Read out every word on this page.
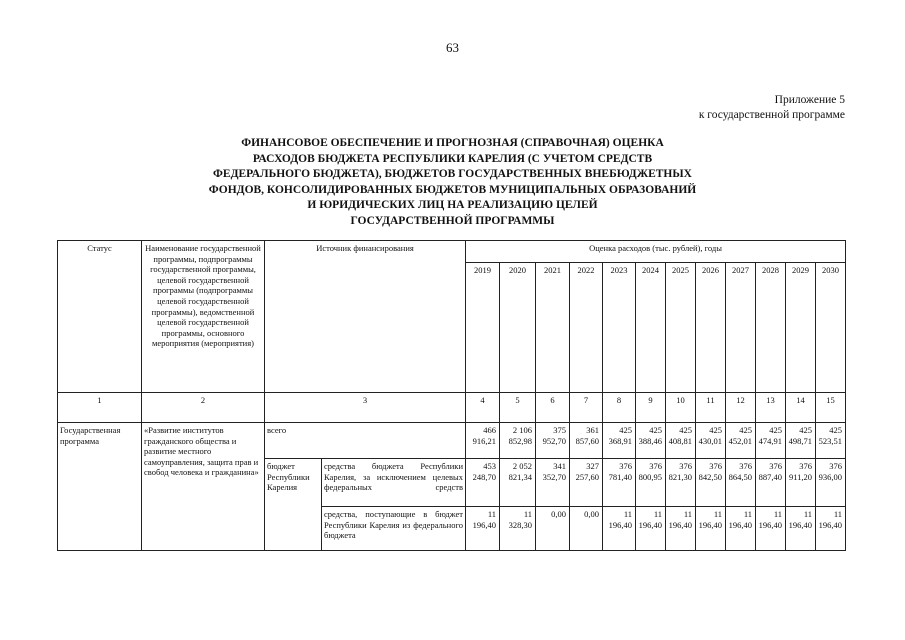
63
Приложение 5
к государственной программе
ФИНАНСОВОЕ ОБЕСПЕЧЕНИЕ И ПРОГНОЗНАЯ (СПРАВОЧНАЯ) ОЦЕНКА
РАСХОДОВ БЮДЖЕТА РЕСПУБЛИКИ КАРЕЛИЯ (С УЧЕТОМ СРЕДСТВ
ФЕДЕРАЛЬНОГО БЮДЖЕТА), БЮДЖЕТОВ ГОСУДАРСТВЕННЫХ ВНЕБЮДЖЕТНЫХ
ФОНДОВ, КОНСОЛИДИРОВАННЫХ БЮДЖЕТОВ МУНИЦИПАЛЬНЫХ ОБРАЗОВАНИЙ
И ЮРИДИЧЕСКИХ ЛИЦ НА РЕАЛИЗАЦИЮ ЦЕЛЕЙ
ГОСУДАРСТВЕННОЙ ПРОГРАММЫ
Статус	Наименование государственной программы, подпрограммы государственной программы, целевой государственной программы (подпрограммы целевой государственной программы), ведомственной целевой государственной программы, основного мероприятия (мероприятия)	Источник финансирования		Оценка расходов (тыс. рублей), годы											
				2019	2020	2021	2022	2023	2024	2025	2026	2027	2028	2029	2030
1	2	3		4	5	6	7	8	9	10	11	12	13	14	15
Государственная программа	«Развитие институтов гражданского общества и развитие местного самоуправления, защита прав и свобод человека и гражданина»	всего		466 916,21	2 106 852,98	375 952,70	361 857,60	425 368,91	425 388,46	425 408,81	425 430,01	425 452,01	425 474,91	425 498,71	425 523,51
		бюджет Республики Карелия	средства бюджета Республики Карелия, за исключением целевых федеральных средств	453 248,70	2 052 821,34	341 352,70	327 257,60	376 781,40	376 800,95	376 821,30	376 842,50	376 864,50	376 887,40	376 911,20	376 936,00
			средства, поступающие в бюджет Республики Карелия из федерального бюджета	11 196,40	11 328,30	0,00	0,00	11 196,40	11 196,40	11 196,40	11 196,40	11 196,40	11 196,40	11 196,40	11 196,40
